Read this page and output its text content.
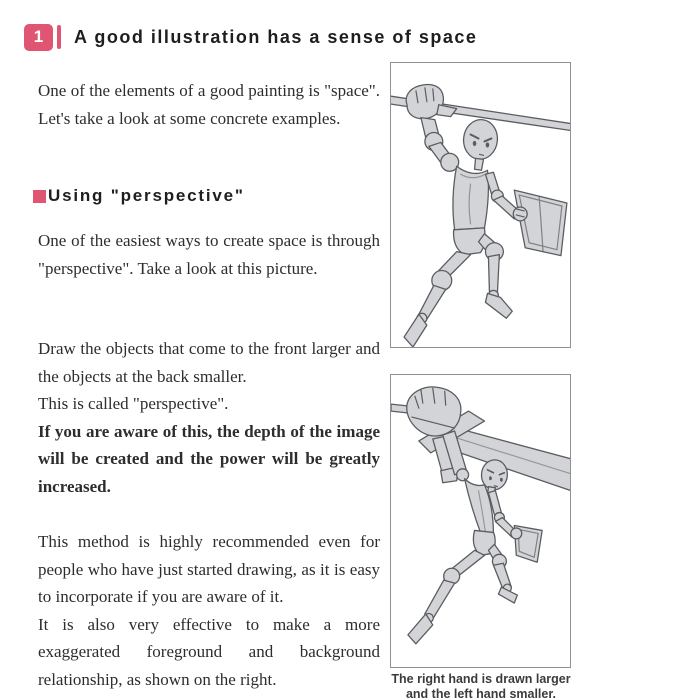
1	A good illustration has a sense of space

One of the elements of a good painting is "space". Let's take a look at some concrete examples.

Using "perspective"

One of the easiest ways to create space is through "perspective". Take a look at this picture.

Draw the objects that come to the front larger and the objects at the back smaller.

This is called "perspective".

If you are aware of this, the depth of the image will be created and the power will be greatly increased.

This method is highly recommended even for people who have just started drawing, as it is easy to incorporate if you are aware of it.

It is also very effective to make a more exaggerated foreground and background relationship, as shown on the right.	The right hand is drawn larger
and the left hand smaller.
